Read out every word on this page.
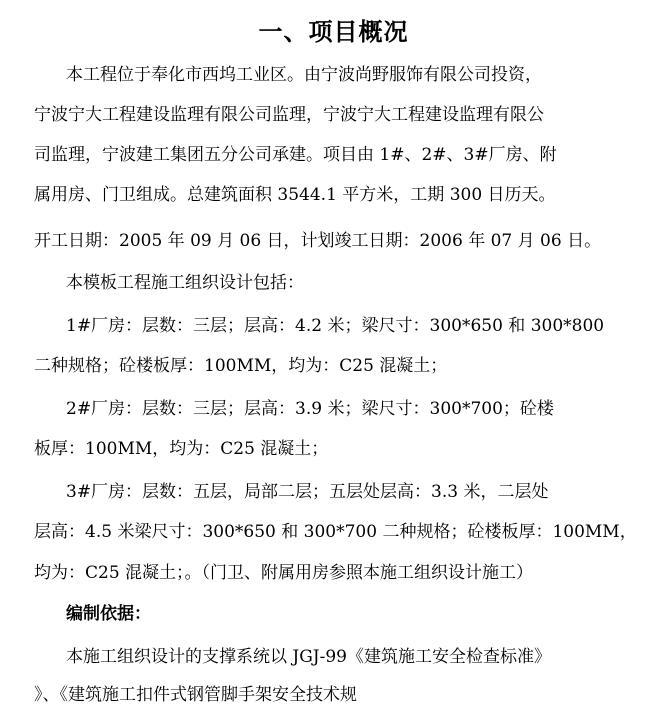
一、项目概况
本工程位于奉化市西坞工业区。由宁波尚野服饰有限公司投资，
宁波宁大工程建设监理有限公司监理，宁波宁大工程建设监理有限公
司监理，宁波建工集团五分公司承建。项目由 1#、2#、3#厂房、附
属用房、门卫组成。总建筑面积 3544.1 平方米，工期 300 日历天。
开工日期：2005 年 09 月 06 日，计划竣工日期：2006 年 07 月 06 日。
本模板工程施工组织设计包括：
1#厂房：层数：三层；层高：4.2 米；梁尺寸：300*650 和 300*800
二种规格；砼楼板厚：100MM，均为：C25 混凝土；
2#厂房：层数：三层；层高：3.9 米；梁尺寸：300*700；砼楼
板厚：100MM，均为：C25 混凝土；
3#厂房：层数：五层，局部二层；五层处层高：3.3 米，二层处
层高：4.5 米梁尺寸：300*650 和 300*700 二种规格；砼楼板厚：100MM，
均为：C25 混凝土；。（门卫、附属用房参照本施工组织设计施工）
编制依据：
本施工组织设计的支撑系统以 JGJ-99《建筑施工安全检查标准》
》、《建筑施工扣件式钢管脚手架安全技术规
